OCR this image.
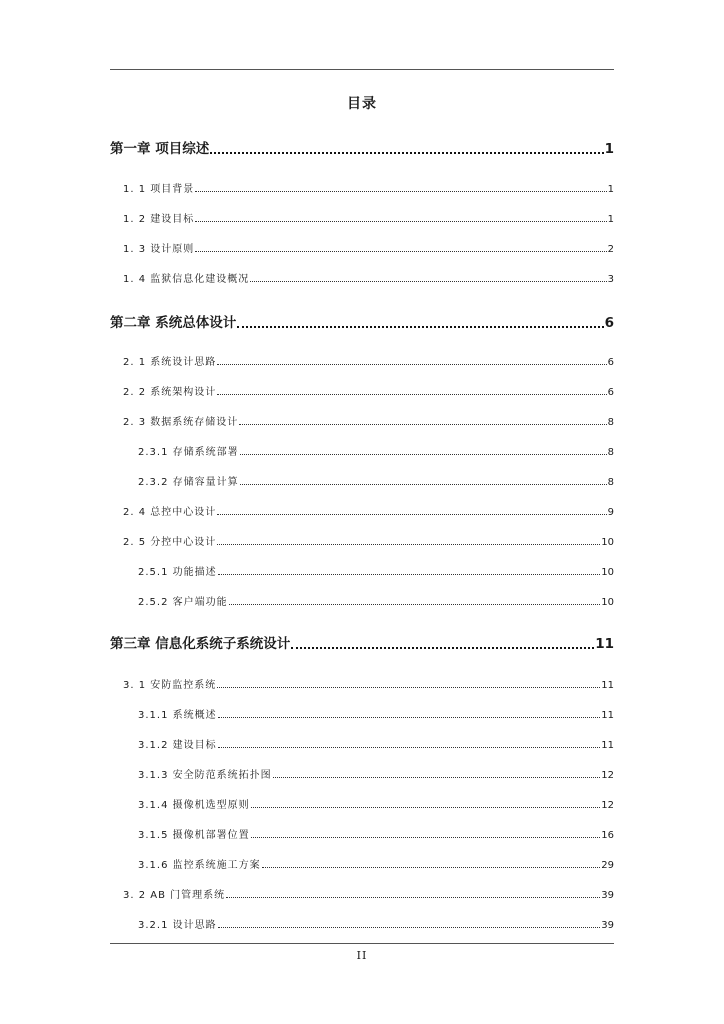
目录
第一章 项目综述	1
1. 1 项目背景	1
1. 2 建设目标	1
1. 3 设计原则	2
1. 4 监狱信息化建设概况	3
第二章 系统总体设计	6
2. 1 系统设计思路	6
2. 2 系统架构设计	6
2. 3 数据系统存储设计	8
2.3.1 存储系统部署	8
2.3.2 存储容量计算	8
2. 4 总控中心设计	9
2. 5 分控中心设计	10
2.5.1 功能描述	10
2.5.2 客户端功能	10
第三章 信息化系统子系统设计	11
3. 1 安防监控系统	11
3.1.1 系统概述	11
3.1.2 建设目标	11
3.1.3 安全防范系统拓扑图	12
3.1.4 摄像机选型原则	12
3.1.5 摄像机部署位置	16
3.1.6 监控系统施工方案	29
3. 2 AB 门管理系统	39
3.2.1 设计思路	39
II
